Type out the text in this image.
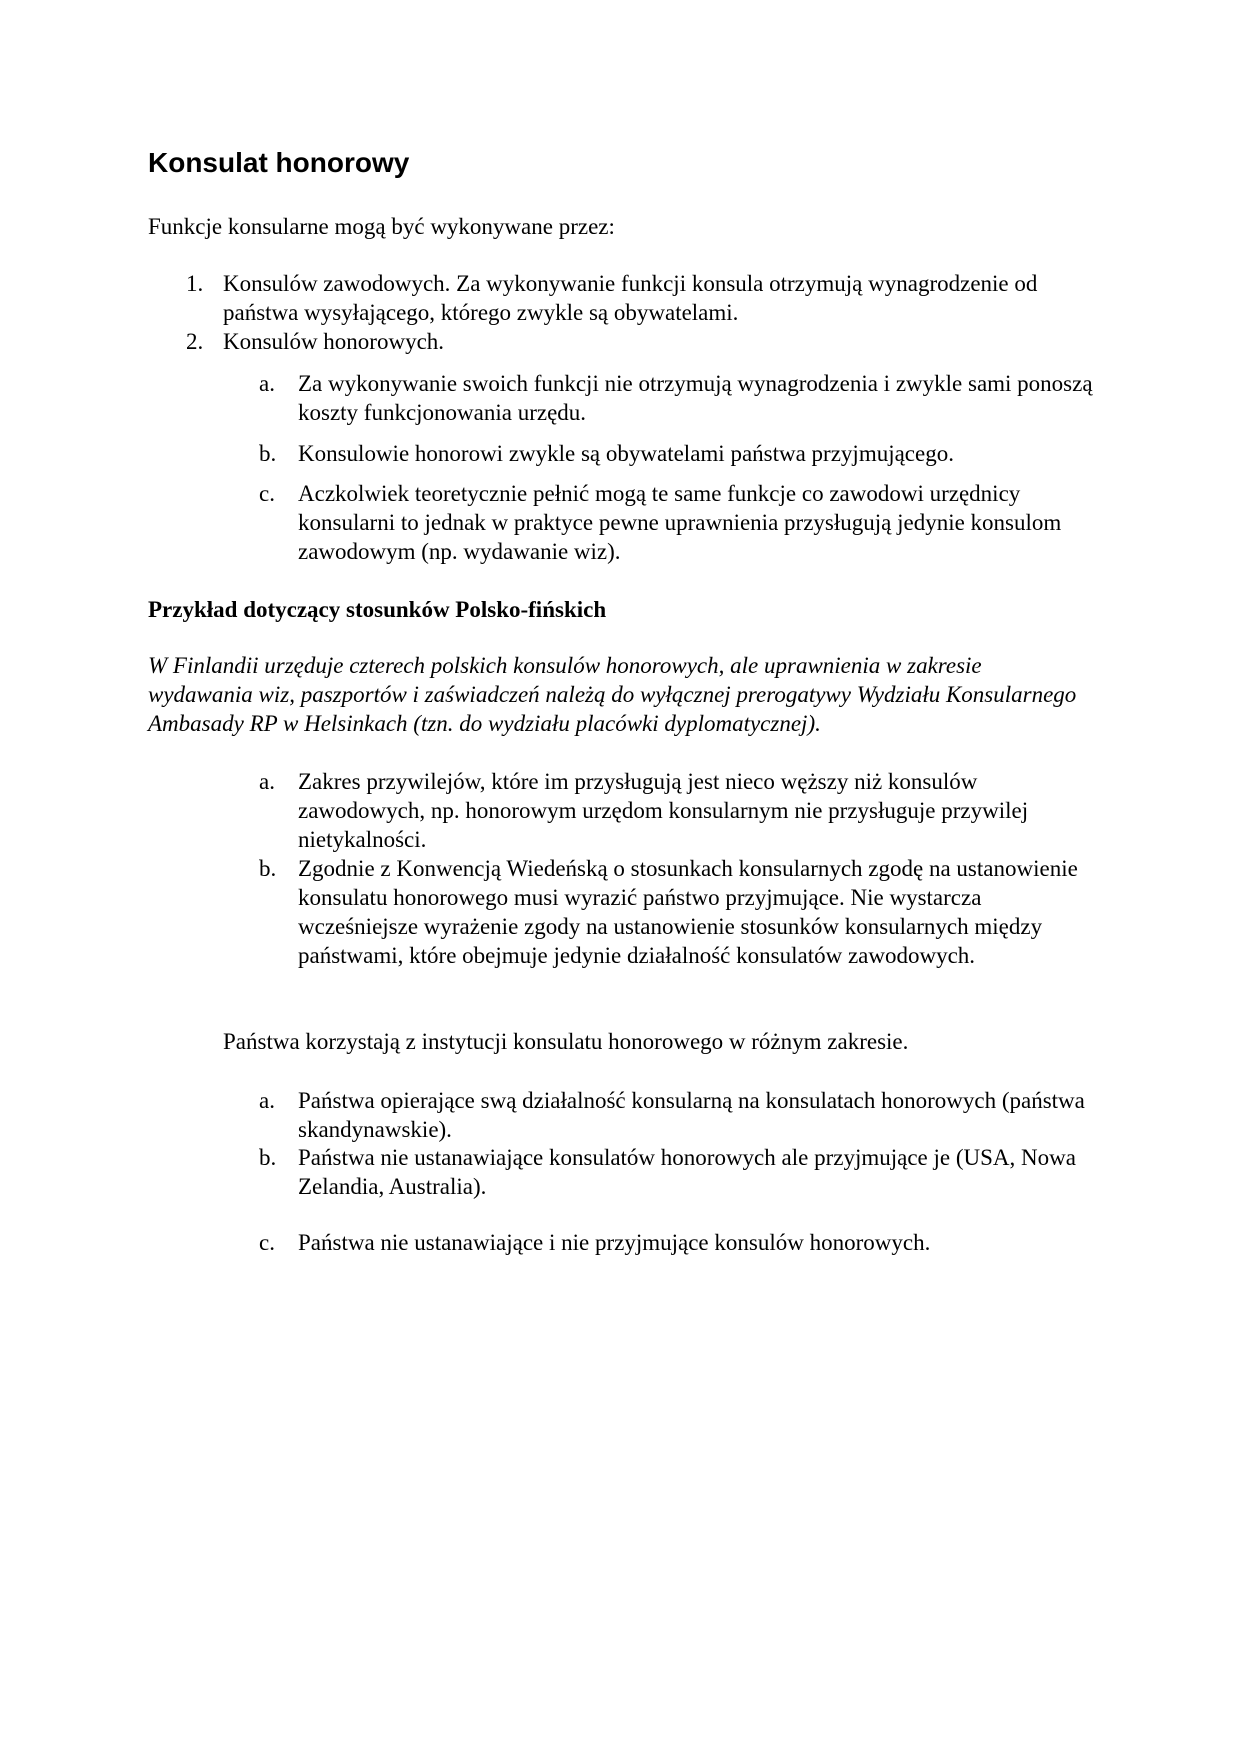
Konsulat honorowy

Funkcje konsularne mogą być wykonywane przez:

1. Konsulów zawodowych. Za wykonywanie funkcji konsula otrzymują wynagrodzenie od państwa wysyłającego, którego zwykle są obywatelami.
2. Konsulów honorowych.
a.	Za wykonywanie swoich funkcji nie otrzymują wynagrodzenia i zwykle sami ponoszą koszty funkcjonowania urzędu.
b. Konsulowie honorowi zwykle są obywatelami państwa przyjmującego.
c.	Aczkolwiek teoretycznie pełnić mogą te same funkcje co zawodowi urzędnicy konsularni to jednak w praktyce pewne uprawnienia przysługują jedynie konsulom zawodowym (np. wydawanie wiz).

Przykład dotyczący stosunków Polsko-fińskich

W Finlandii urzęduje czterech polskich konsulów honorowych, ale uprawnienia w zakresie wydawania wiz, paszportów i zaświadczeń należą do wyłącznej prerogatywy Wydziału Konsularnego Ambasady RP w Helsinkach (tzn. do wydziału placówki dyplomatycznej).

a.	Zakres przywilejów, które im przysługują jest nieco węższy niż konsulów zawodowych, np. honorowym urzędom konsularnym nie przysługuje przywilej nietykalności.
b. Zgodnie z Konwencją Wiedeńską o stosunkach konsularnych zgodę na ustanowienie konsulatu honorowego musi wyrazić państwo przyjmujące. Nie wystarcza wcześniejsze wyrażenie zgody na ustanowienie stosunków konsularnych między państwami, które obejmuje jedynie działalność konsulatów zawodowych.

Państwa korzystają z instytucji konsulatu honorowego w różnym zakresie.

a.	Państwa opierające swą działalność konsularną na konsulatach honorowych (państwa skandynawskie).
b. Państwa nie ustanawiające konsulatów honorowych ale przyjmujące je (USA, Nowa Zelandia, Australia).
c.	Państwa nie ustanawiające i nie przyjmujące konsulów honorowych.
